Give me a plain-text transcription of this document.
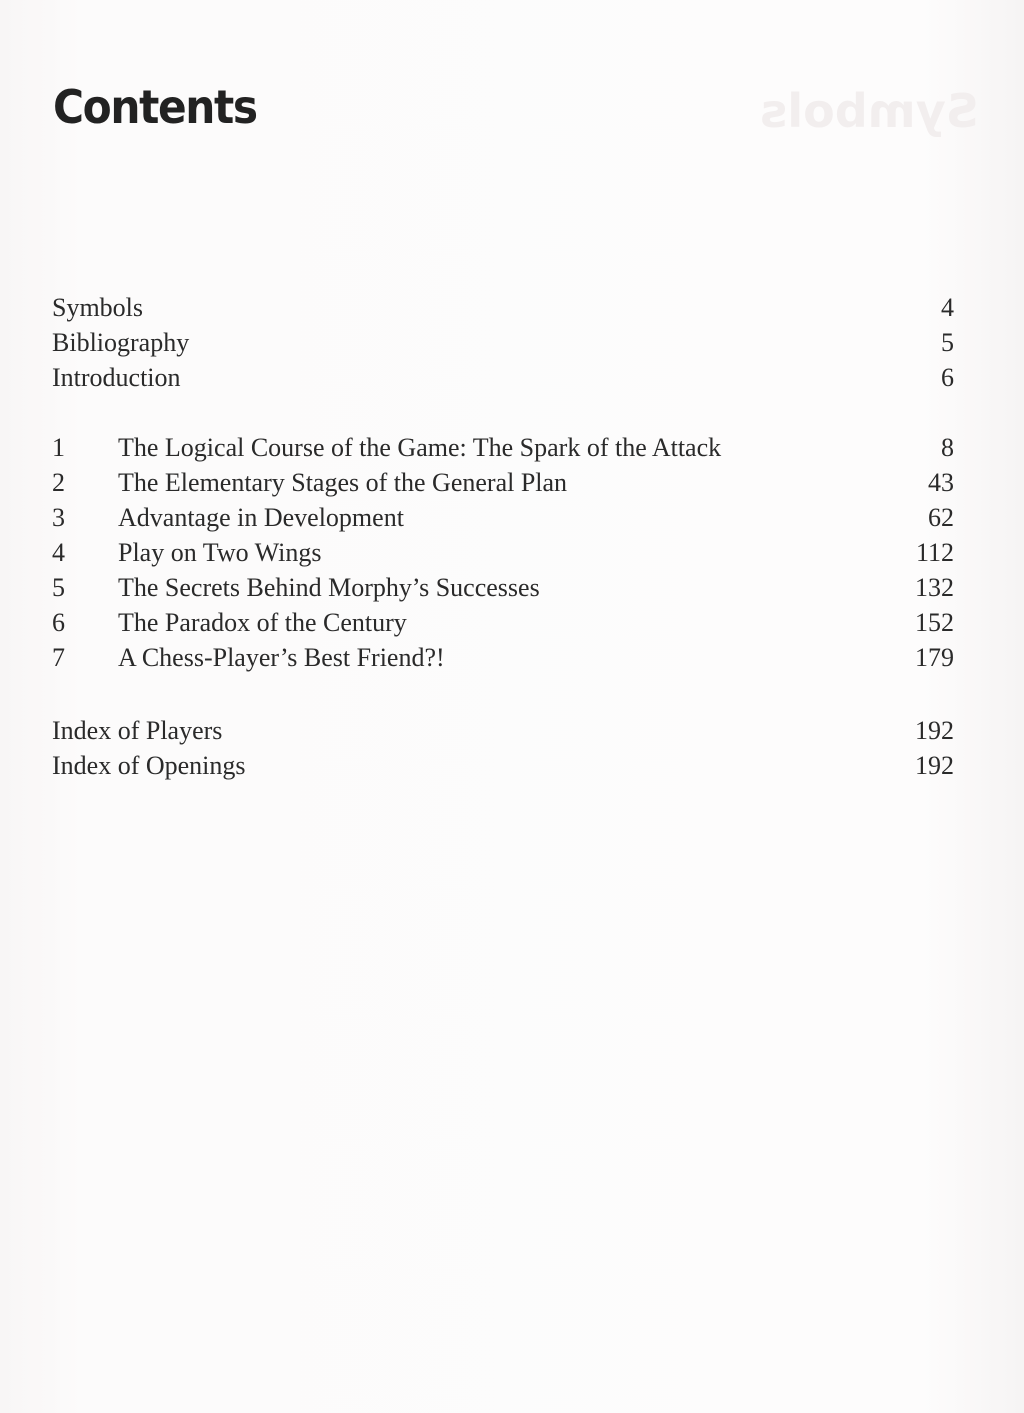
Symbols
Contents
Symbols	4
Bibliography	5
Introduction	6
1 The Logical Course of the Game: The Spark of the Attack	8
2 The Elementary Stages of the General Plan	43
3 Advantage in Development	62
4 Play on Two Wings	112
5 The Secrets Behind Morphy’s Successes	132
6 The Paradox of the Century	152
7 A Chess-Player’s Best Friend?!	179
Index of Players	192
Index of Openings	192
